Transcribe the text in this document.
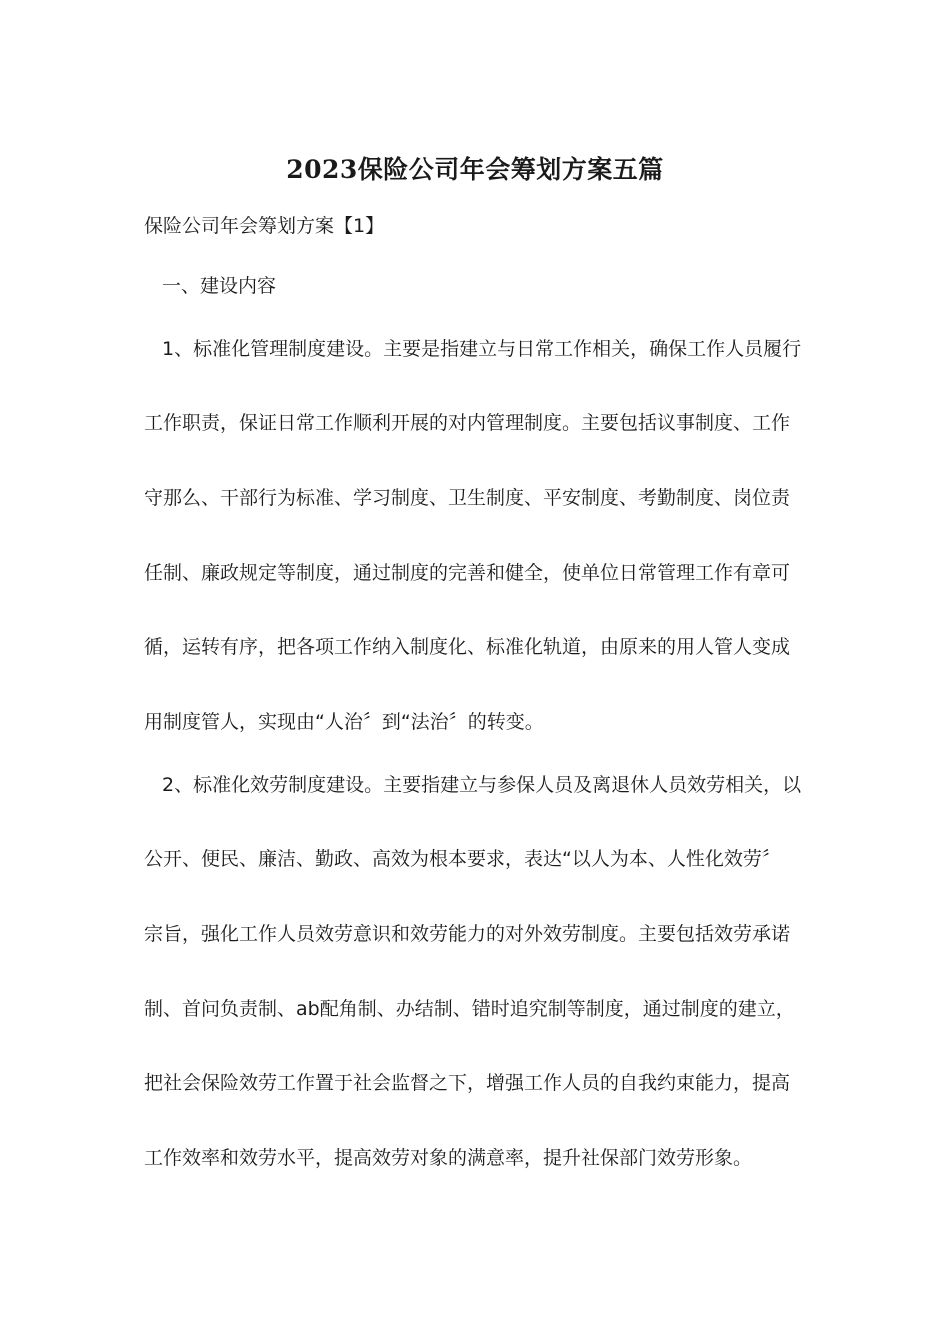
2023保险公司年会筹划方案五篇

保险公司年会筹划方案【1】

一、建设内容

1、标准化管理制度建设。主要是指建立与日常工作相关，确保工作人员履行

工作职责，保证日常工作顺利开展的对内管理制度。主要包括议事制度、工作

守那么、干部行为标准、学习制度、卫生制度、平安制度、考勤制度、岗位责

任制、廉政规定等制度，通过制度的完善和健全，使单位日常管理工作有章可

循，运转有序，把各项工作纳入制度化、标准化轨道，由原来的用人管人变成

用制度管人，实现由“人治〞到“法治〞的转变。

2、标准化效劳制度建设。主要指建立与参保人员及离退休人员效劳相关，以

公开、便民、廉洁、勤政、高效为根本要求，表达“以人为本、人性化效劳〞

宗旨，强化工作人员效劳意识和效劳能力的对外效劳制度。主要包括效劳承诺

制、首问负责制、ab配角制、办结制、错时追究制等制度，通过制度的建立，

把社会保险效劳工作置于社会监督之下，增强工作人员的自我约束能力，提高

工作效率和效劳水平，提高效劳对象的满意率，提升社保部门效劳形象。
